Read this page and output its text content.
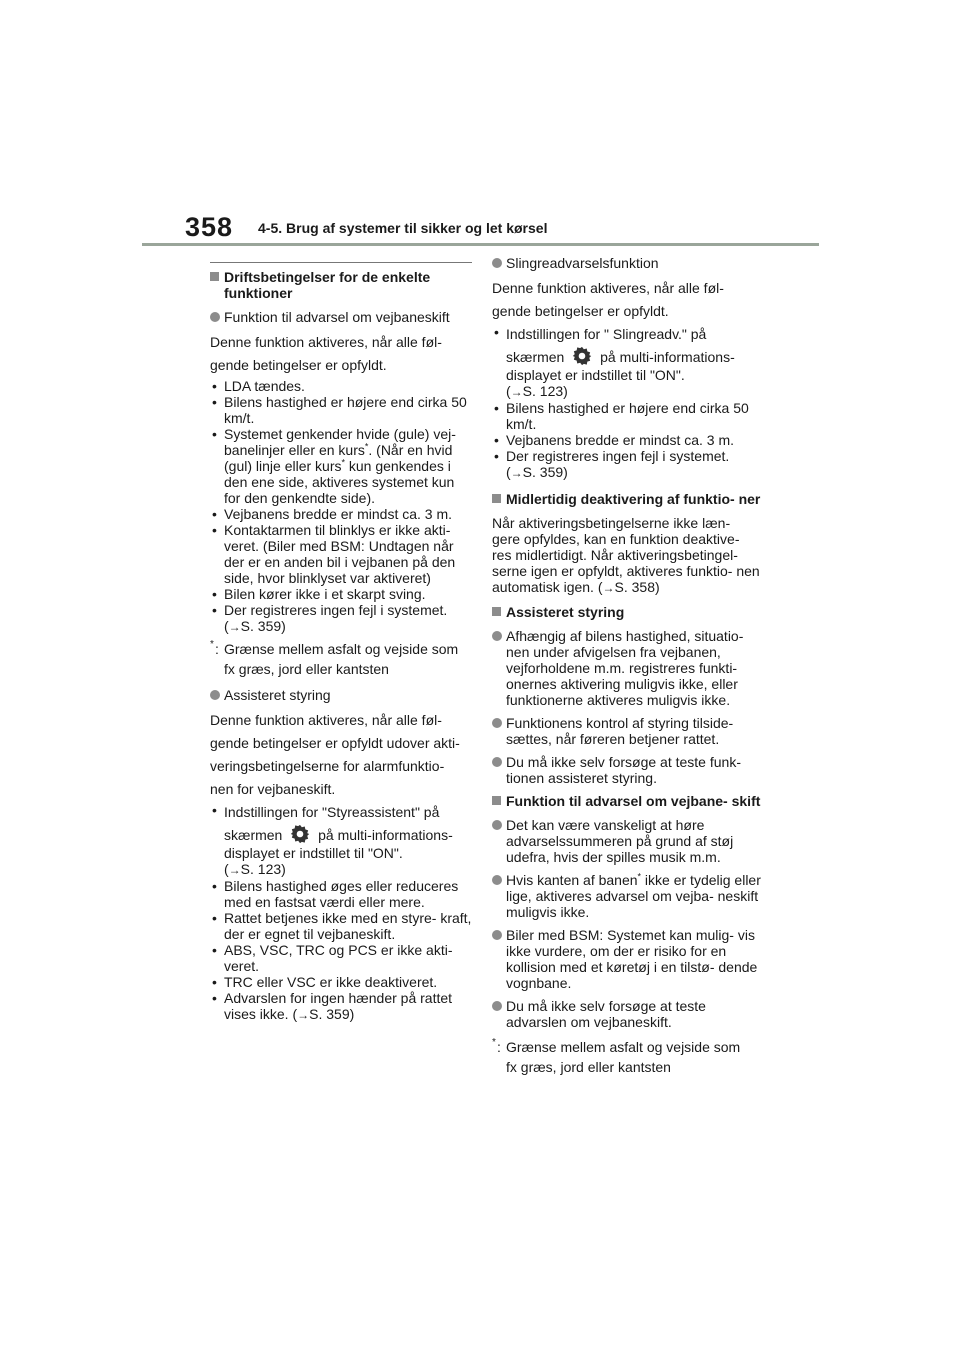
358 4-5. Brug af systemer til sikker og let kørsel
Driftsbetingelser for de enkelte funktioner
Funktion til advarsel om vejbaneskift
Denne funktion aktiveres, når alle føl-
gende betingelser er opfyldt.
• LDA tændes.
• Bilens hastighed er højere end cirka 50 km/t.
• Systemet genkender hvide (gule) vej-
banelinjer eller en kurs*. (Når en hvid
(gul) linje eller kurs* kun genkendes i
den ene side, aktiveres systemet kun for den genkendte side).
• Vejbanens bredde er mindst ca. 3 m.
• Kontaktarmen til blinklys er ikke akti- veret. (Biler med BSM: Undtagen når der er en anden bil i vejbanen på den side, hvor blinklyset var aktiveret)
• Bilen kører ikke i et skarpt sving.
• Der registreres ingen fejl i systemet.
(→S. 359)
* : Grænse mellem asfalt og vejside som
fx græs, jord eller kantsten
Assisteret styring
Denne funktion aktiveres, når alle føl-
gende betingelser er opfyldt udover akti-
veringsbetingelserne for alarmfunktio-
nen for vejbaneskift.
• Indstillingen for "Styreassistent" på
skærmen  på multi-informations- displayet er indstillet til "ON".
(→S. 123)
• Bilens hastighed øges eller reduceres med en fastsat værdi eller mere.
• Rattet betjenes ikke med en styre- kraft, der er egnet til vejbaneskift.
• ABS, VSC, TRC og PCS er ikke akti- veret.
• TRC eller VSC er ikke deaktiveret.
• Advarslen for ingen hænder på rattet vises ikke. (→S. 359)
Slingreadvarselsfunktion
Denne funktion aktiveres, når alle føl-
gende betingelser er opfyldt.
• Indstillingen for " Slingreadv." på
skærmen  på multi-informations- displayet er indstillet til "ON".
(→S. 123)
• Bilens hastighed er højere end cirka 50 km/t.
• Vejbanens bredde er mindst ca. 3 m.
• Der registreres ingen fejl i systemet.
(→S. 359)
Midlertidig deaktivering af funktio- ner
Når aktiveringsbetingelserne ikke læn- gere opfyldes, kan en funktion deaktive- res midlertidigt. Når aktiveringsbetingel- serne igen er opfyldt, aktiveres funktio- nen automatisk igen. (→S. 358)
Assisteret styring
Afhængig af bilens hastighed, situatio- nen under afvigelsen fra vejbanen, vejforholdene m.m. registreres funkti- onernes aktivering muligvis ikke, eller funktionerne aktiveres muligvis ikke.
Funktionens kontrol af styring tilside- sættes, når føreren betjener rattet.
Du må ikke selv forsøge at teste funk- tionen assisteret styring.
Funktion til advarsel om vejbane- skift
Det kan være vanskeligt at høre advarselssummeren på grund af støj udefra, hvis der spilles musik m.m.
Hvis kanten af banen* ikke er tydelig eller lige, aktiveres advarsel om vejba- neskift muligvis ikke.
Biler med BSM: Systemet kan mulig- vis ikke vurdere, om der er risiko for en kollision med et køretøj i en tilstø- dende vognbane.
Du må ikke selv forsøge at teste advarslen om vejbaneskift.
* : Grænse mellem asfalt og vejside som
fx græs, jord eller kantsten
